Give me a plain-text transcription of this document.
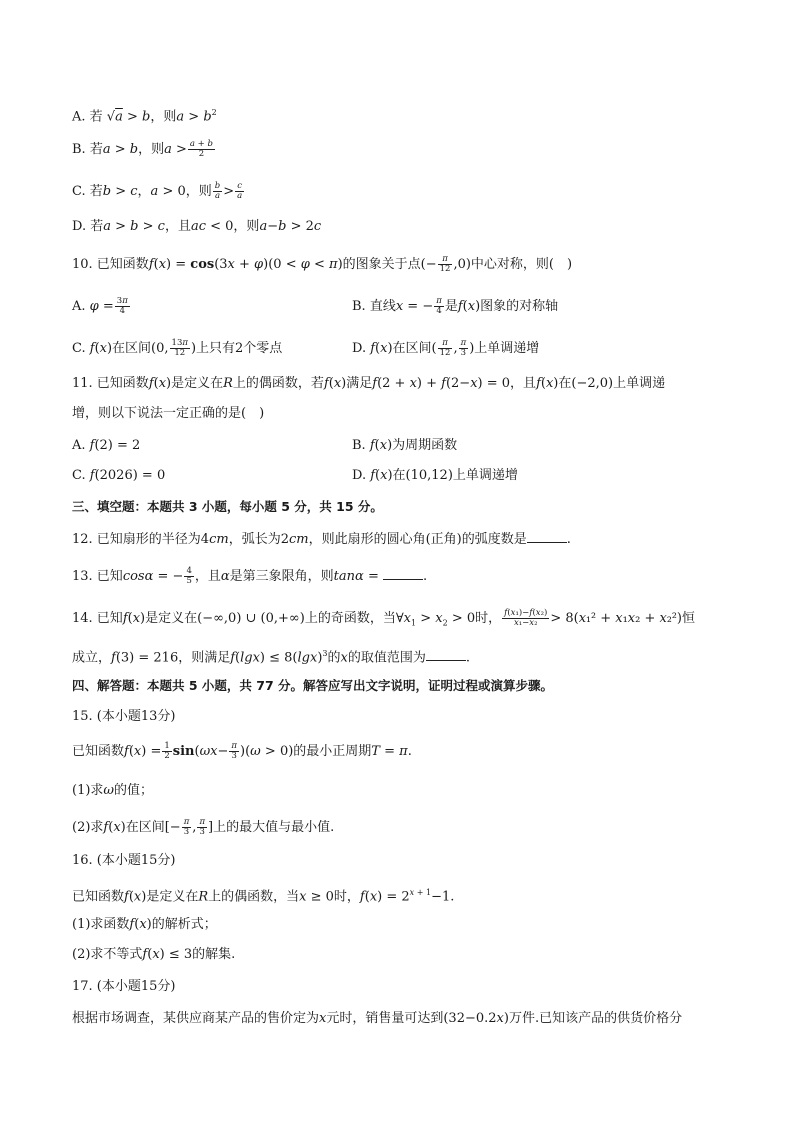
A. 若 √a > b，则$a > b^2$
B. 若a > b，则$a > \frac{a + b}{2}$
C. 若b > c，a > 0，则 $\frac{b}{a} > \frac{c}{a}$
D. 若a > b > c，且ac < 0，则a−b > 2c
10. 已知函数f(x) = cos(3x + φ)(0 < φ < π)的图象关于点(− $\frac{\pi}{12} ,0$)中心对称，则(　)
A. $\varphi = \frac{3\pi}{4}$	B. 直线x = − $\frac{\pi}{4}$ 是f(x)图象的对称轴
C. f(x)在区间(0, $\frac{13\pi}{12}$ )上只有2个零点	D. f(x)在区间( $\frac{\pi}{12}$ , $\frac{\pi}{3}$ )上单调递增
11. 已知函数f(x)是定义在R上的偶函数，若f(x)满足f(2 + x) + f(2−x) = 0，且f(x)在(−2,0)上单调递
增，则以下说法一定正确的是(　)
A. f(2) = 2	B. f(x)为周期函数
C. f(2026) = 0	D. f(x)在(10,12)上单调递增
三、填空题：本题共 3 小题，每小题 5 分，共 15 分。
12. 已知扇形的半径为4cm，弧长为2cm，则此扇形的圆心角(正角)的弧度数是	.
13. 已知cosα = − $\frac{4}{5}$ ，且α是第三象限角，则tanα =	.
14. 已知f(x)是定义在(−∞,0) ∪ (0,+∞)上的奇函数，当$\forall x_1 > x_2 > 0$时， $\frac{\text{f(x₁)−f(x₂)}}{\text{x₁−x₂}} > 8(x_1^2 + x_1x_2 + x_2^2)$恒
成立，f(3) = 216，则满足$f(\lg x) \le 8(\lg x)^3$的x的取值范围为	.
四、解答题：本题共 5 小题，共 77 分。解答应写出文字说明，证明过程或演算步骤。
15. (本小题13分)
已知函数$f(x) = \frac{1}{2} \sin(\omega x- \frac{\pi}{3} )(\omega > 0)$的最小正周期T = π.
(1)求ω的值；
(2)求f(x)在区间[− $\frac{\pi}{3}$ , $\frac{\pi}{3}$ ]上的最大值与最小值.
16. (本小题15分)
已知函数f(x)是定义在R上的偶函数，当x ≥ 0时，$f(x) = 2^{x + 1}-1$.
(1)求函数f(x)的解析式；
(2)求不等式f(x) ≤ 3的解集.
17. (本小题15分)
根据市场调查，某供应商某产品的售价定为x元时，销售量可达到(32−0.2x)万件.已知该产品的供货价格分
